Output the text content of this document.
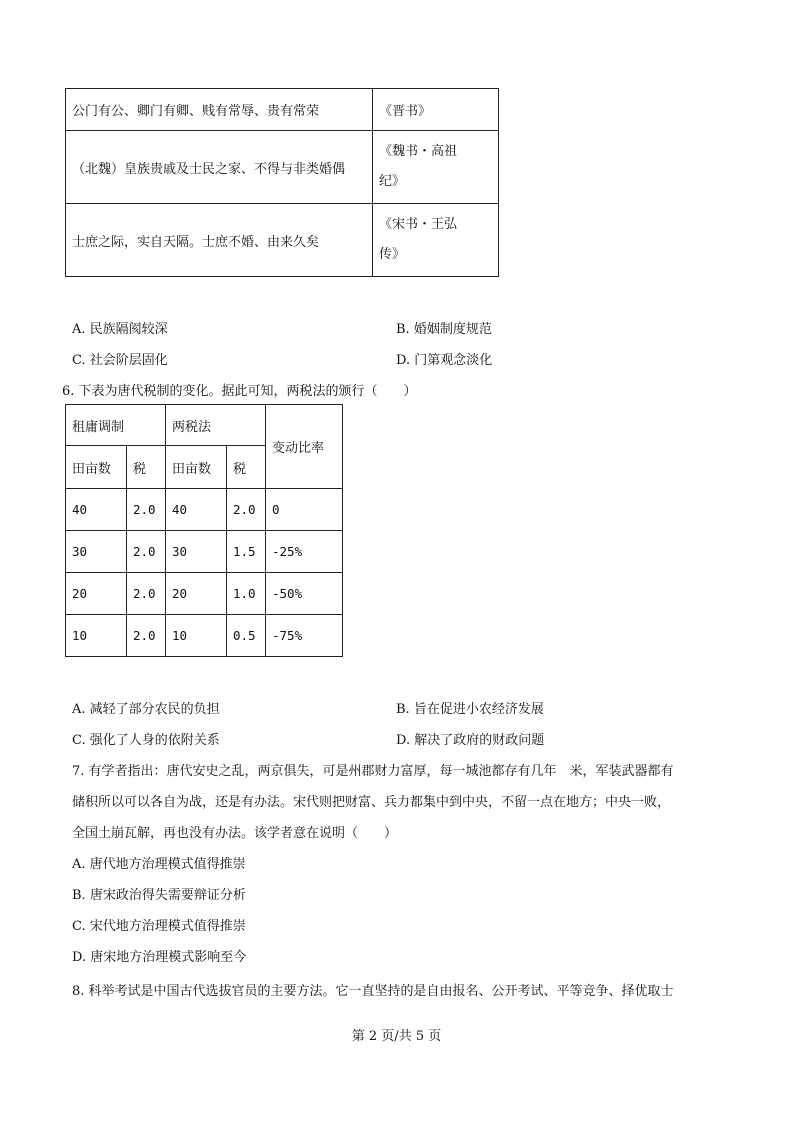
公门有公、卿门有卿、贱有常辱、贵有常荣	《晋书》
（北魏）皇族贵戚及士民之家、不得与非类婚偶	《魏书・高祖
纪》

士庶之际，实自天隔。士庶不婚、由来久矣	《宋书・王弘
传》
A. 民族隔阂较深	B. 婚姻制度规范
C. 社会阶层固化	D. 门第观念淡化
6. 下表为唐代税制的变化。据此可知，两税法的颁行（　　）
租庸调制		两税法		变动比率
田亩数	税	田亩数	税	
40	2.0	40	2.0	0
30	2.0	30	1.5	-25%
20	2.0	20	1.0	-50%
10	2.0	10	0.5	-75%
A. 减轻了部分农民的负担	B. 旨在促进小农经济发展
C. 强化了人身的依附关系	D. 解决了政府的财政问题
7. 有学者指出：唐代安史之乱，两京俱失，可是州郡财力富厚，每一城池都存有几年　米，军装武器都有
储积所以可以各自为战，还是有办法。宋代则把财富、兵力都集中到中央，不留一点在地方；中央一败，
全国土崩瓦解，再也没有办法。该学者意在说明（　　）
A. 唐代地方治理模式值得推崇
B. 唐宋政治得失需要辩证分析
C. 宋代地方治理模式值得推崇
D. 唐宋地方治理模式影响至今
8. 科举考试是中国古代选拔官员的主要方法。它一直坚持的是自由报名、公开考试、平等竞争、择优取士
第 2 页/共 5 页
